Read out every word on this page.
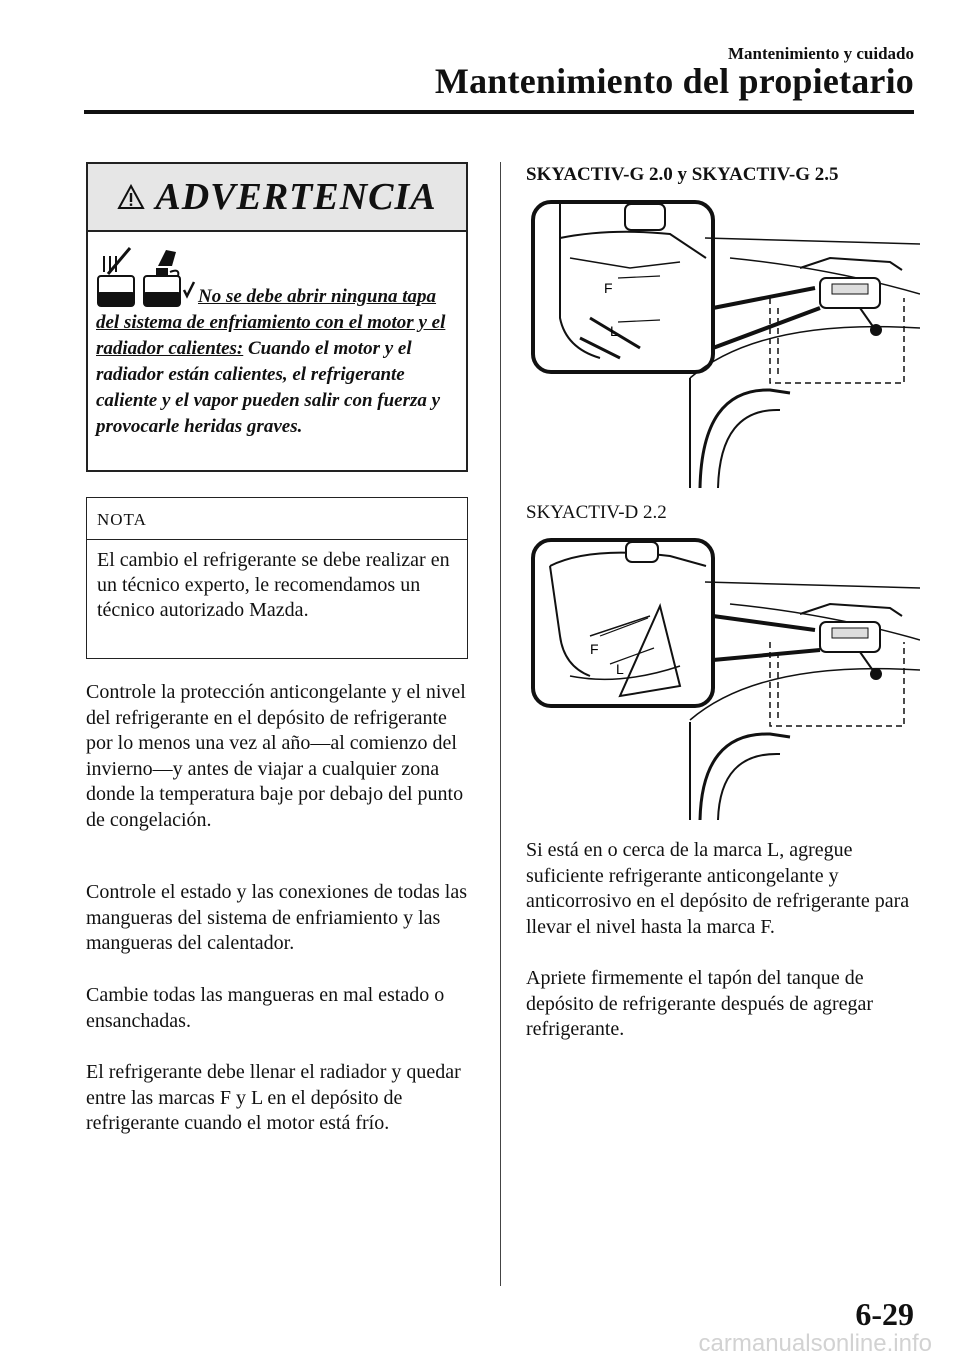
Mantenimiento y cuidado
Mantenimiento del propietario
ADVERTENCIA
No se debe abrir ninguna tapa del sistema de enfriamiento con el motor y el radiador calientes: Cuando el motor y el radiador están calientes, el refrigerante caliente y el vapor pueden salir con fuerza y provocarle heridas graves.
NOTA
El cambio el refrigerante se debe realizar en un técnico experto, le recomendamos un técnico autorizado Mazda.
Controle la protección anticongelante y el nivel del refrigerante en el depósito de refrigerante por lo menos una vez al año―al comienzo del invierno―y antes de viajar a cualquier zona donde la temperatura baje por debajo del punto de congelación.
Controle el estado y las conexiones de todas las mangueras del sistema de enfriamiento y las mangueras del calentador.
Cambie todas las mangueras en mal estado o ensanchadas.
El refrigerante debe llenar el radiador y quedar entre las marcas F y L en el depósito de refrigerante cuando el motor está frío.
SKYACTIV-G 2.0 y SKYACTIV-G 2.5
F
L
SKYACTIV-D 2.2
F
L
Si está en o cerca de la marca L, agregue suficiente refrigerante anticongelante y anticorrosivo en el depósito de refrigerante para llevar el nivel hasta la marca F.
Apriete firmemente el tapón del tanque de depósito de refrigerante después de agregar refrigerante.
6-29
carmanualsonline.info
